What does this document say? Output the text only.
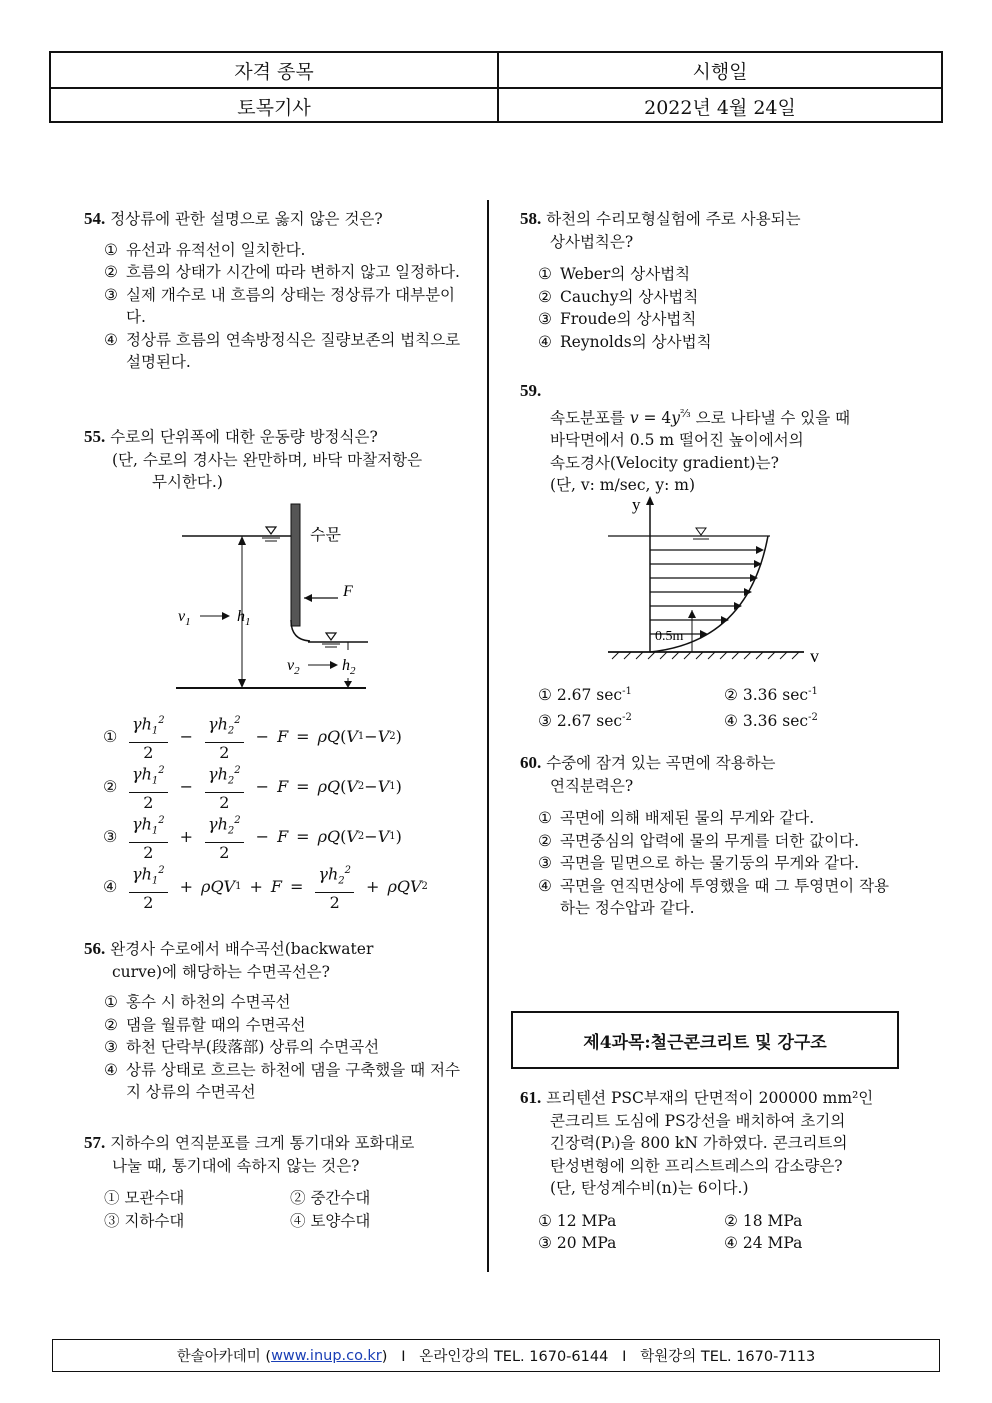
자격 종목	시행일
토목기사	2022년 4월 24일
54. 정상류에 관한 설명으로 옳지 않은 것은?
① 유선과 유적선이 일치한다.
② 흐름의 상태가 시간에 따라 변하지 않고 일정하다.
③ 실제 개수로 내 흐름의 상태는 정상류가 대부분이다.
④ 정상류 흐름의 연속방정식은 질량보존의 법칙으로 설명된다.
55. 수로의 단위폭에 대한 운동량 방정식은?
(단, 수로의 경사는 완만하며, 바닥 마찰저항은
무시한다.)
수문
F
$v_1$	$h_1$
$v_2$	$h_2$
① $\frac{\gamma h_1^2}{2} - \frac{\gamma h_2^2}{2} - F = \rho Q$ ( V 1 − V 2 )
② $\frac{\gamma h_1^2}{2} - \frac{\gamma h_2^2}{2} - F = \rho Q$ ( V 2 − V 1 )
③ $\frac{\gamma h_1^2}{2} + \frac{\gamma h_2^2}{2} - F = \rho Q$ ( V 2 − V 1 )
④ $\frac{\gamma h_1^2}{2} + \rho QV$ $1 + F = \frac{\gamma h_2^2}{2} + \rho QV$ 2
56. 완경사 수로에서 배수곡선(backwater
curve)에 해당하는 수면곡선은?
① 홍수 시 하천의 수면곡선
② 댐을 월류할 때의 수면곡선
③ 하천 단락부(段落部) 상류의 수면곡선
④ 상류 상태로 흐르는 하천에 댐을 구축했을 때 저수지 상류의 수면곡선
57. 지하수의 연직분포를 크게 통기대와 포화대로
나눌 때, 통기대에 속하지 않는 것은?
① 모관수대	② 중간수대
③ 지하수대	④ 토양수대
58. 하천의 수리모형실험에 주로 사용되는
상사법칙은?
① Weber의 상사법칙
② Cauchy의 상사법칙
③ Froude의 상사법칙
④ Reynolds의 상사법칙
59.
속도분포를 $v = 4y^{\frac{2}{3}}$ 으로 나타낼 수 있을 때
바닥면에서 0.5 m 떨어진 높이에서의
속도경사(Velocity gradient)는?
(단, v: m/sec, y: m)
y
0.5m
v
① 2.67 $\sec^{-1}$	② 3.36 $\sec^{-1}$
③ 2.67 $\sec^{-2}$	④ 3.36 $\sec^{-2}$
60. 수중에 잠겨 있는 곡면에 작용하는
연직분력은?
① 곡면에 의해 배제된 물의 무게와 같다.
② 곡면중심의 압력에 물의 무게를 더한 값이다.
③ 곡면을 밑면으로 하는 물기둥의 무게와 같다.
④ 곡면을 연직면상에 투영했을 때 그 투영면이 작용하는 정수압과 같다.
제4과목:철근콘크리트 및 강구조
61. 프리텐션 PSC부재의 단면적이 200000 mm²인
콘크리트 도심에 PS강선을 배치하여 초기의
긴장력(Pᵢ)을 800 kN 가하였다. 콘크리트의
탄성변형에 의한 프리스트레스의 감소량은?
(단, 탄성계수비(n)는 6이다.)
① 12 MPa	② 18 MPa
③ 20 MPa	④ 24 MPa
한솔아카데미 ( www.inup.co.kr )   I   온라인강의 TEL. 1670-6144   I   학원강의 TEL. 1670-7113
